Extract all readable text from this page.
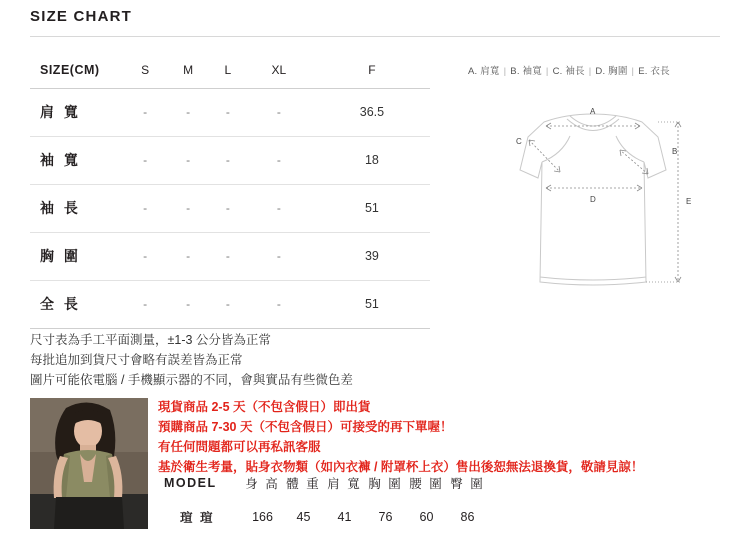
SIZE CHART
SIZE(CM)	S	M	L	XL	F
肩 寬	-	-	-	-	36.5
袖 寬	-	-	-	-	18
袖 長	-	-	-	-	51
胸 圍	-	-	-	-	39
全 長	-	-	-	-	51
A. 肩寬 | B. 袖寬 | C. 袖長 | D. 胸圍 | E. 衣長
A
B
C
D	E
尺寸表為手工平面測量，±1-3 公分皆為正常
每批追加到貨尺寸會略有誤差皆為正常
圖片可能依電腦 / 手機顯示器的不同，會與實品有些微色差
現貨商品 2-5 天（不包含假日）即出貨
預購商品 7-30 天（不包含假日）可接受的再下單喔！
有任何問題都可以再私訊客服
基於衛生考量，貼身衣物類（如內衣褲 / 附罩杯上衣）售出後恕無法退換貨，敬請見諒！
MODEL	身 高	體 重	肩 寬	胸 圍	腰 圍	臀 圍
瑄 瑄	166	45	41	76	60	86
